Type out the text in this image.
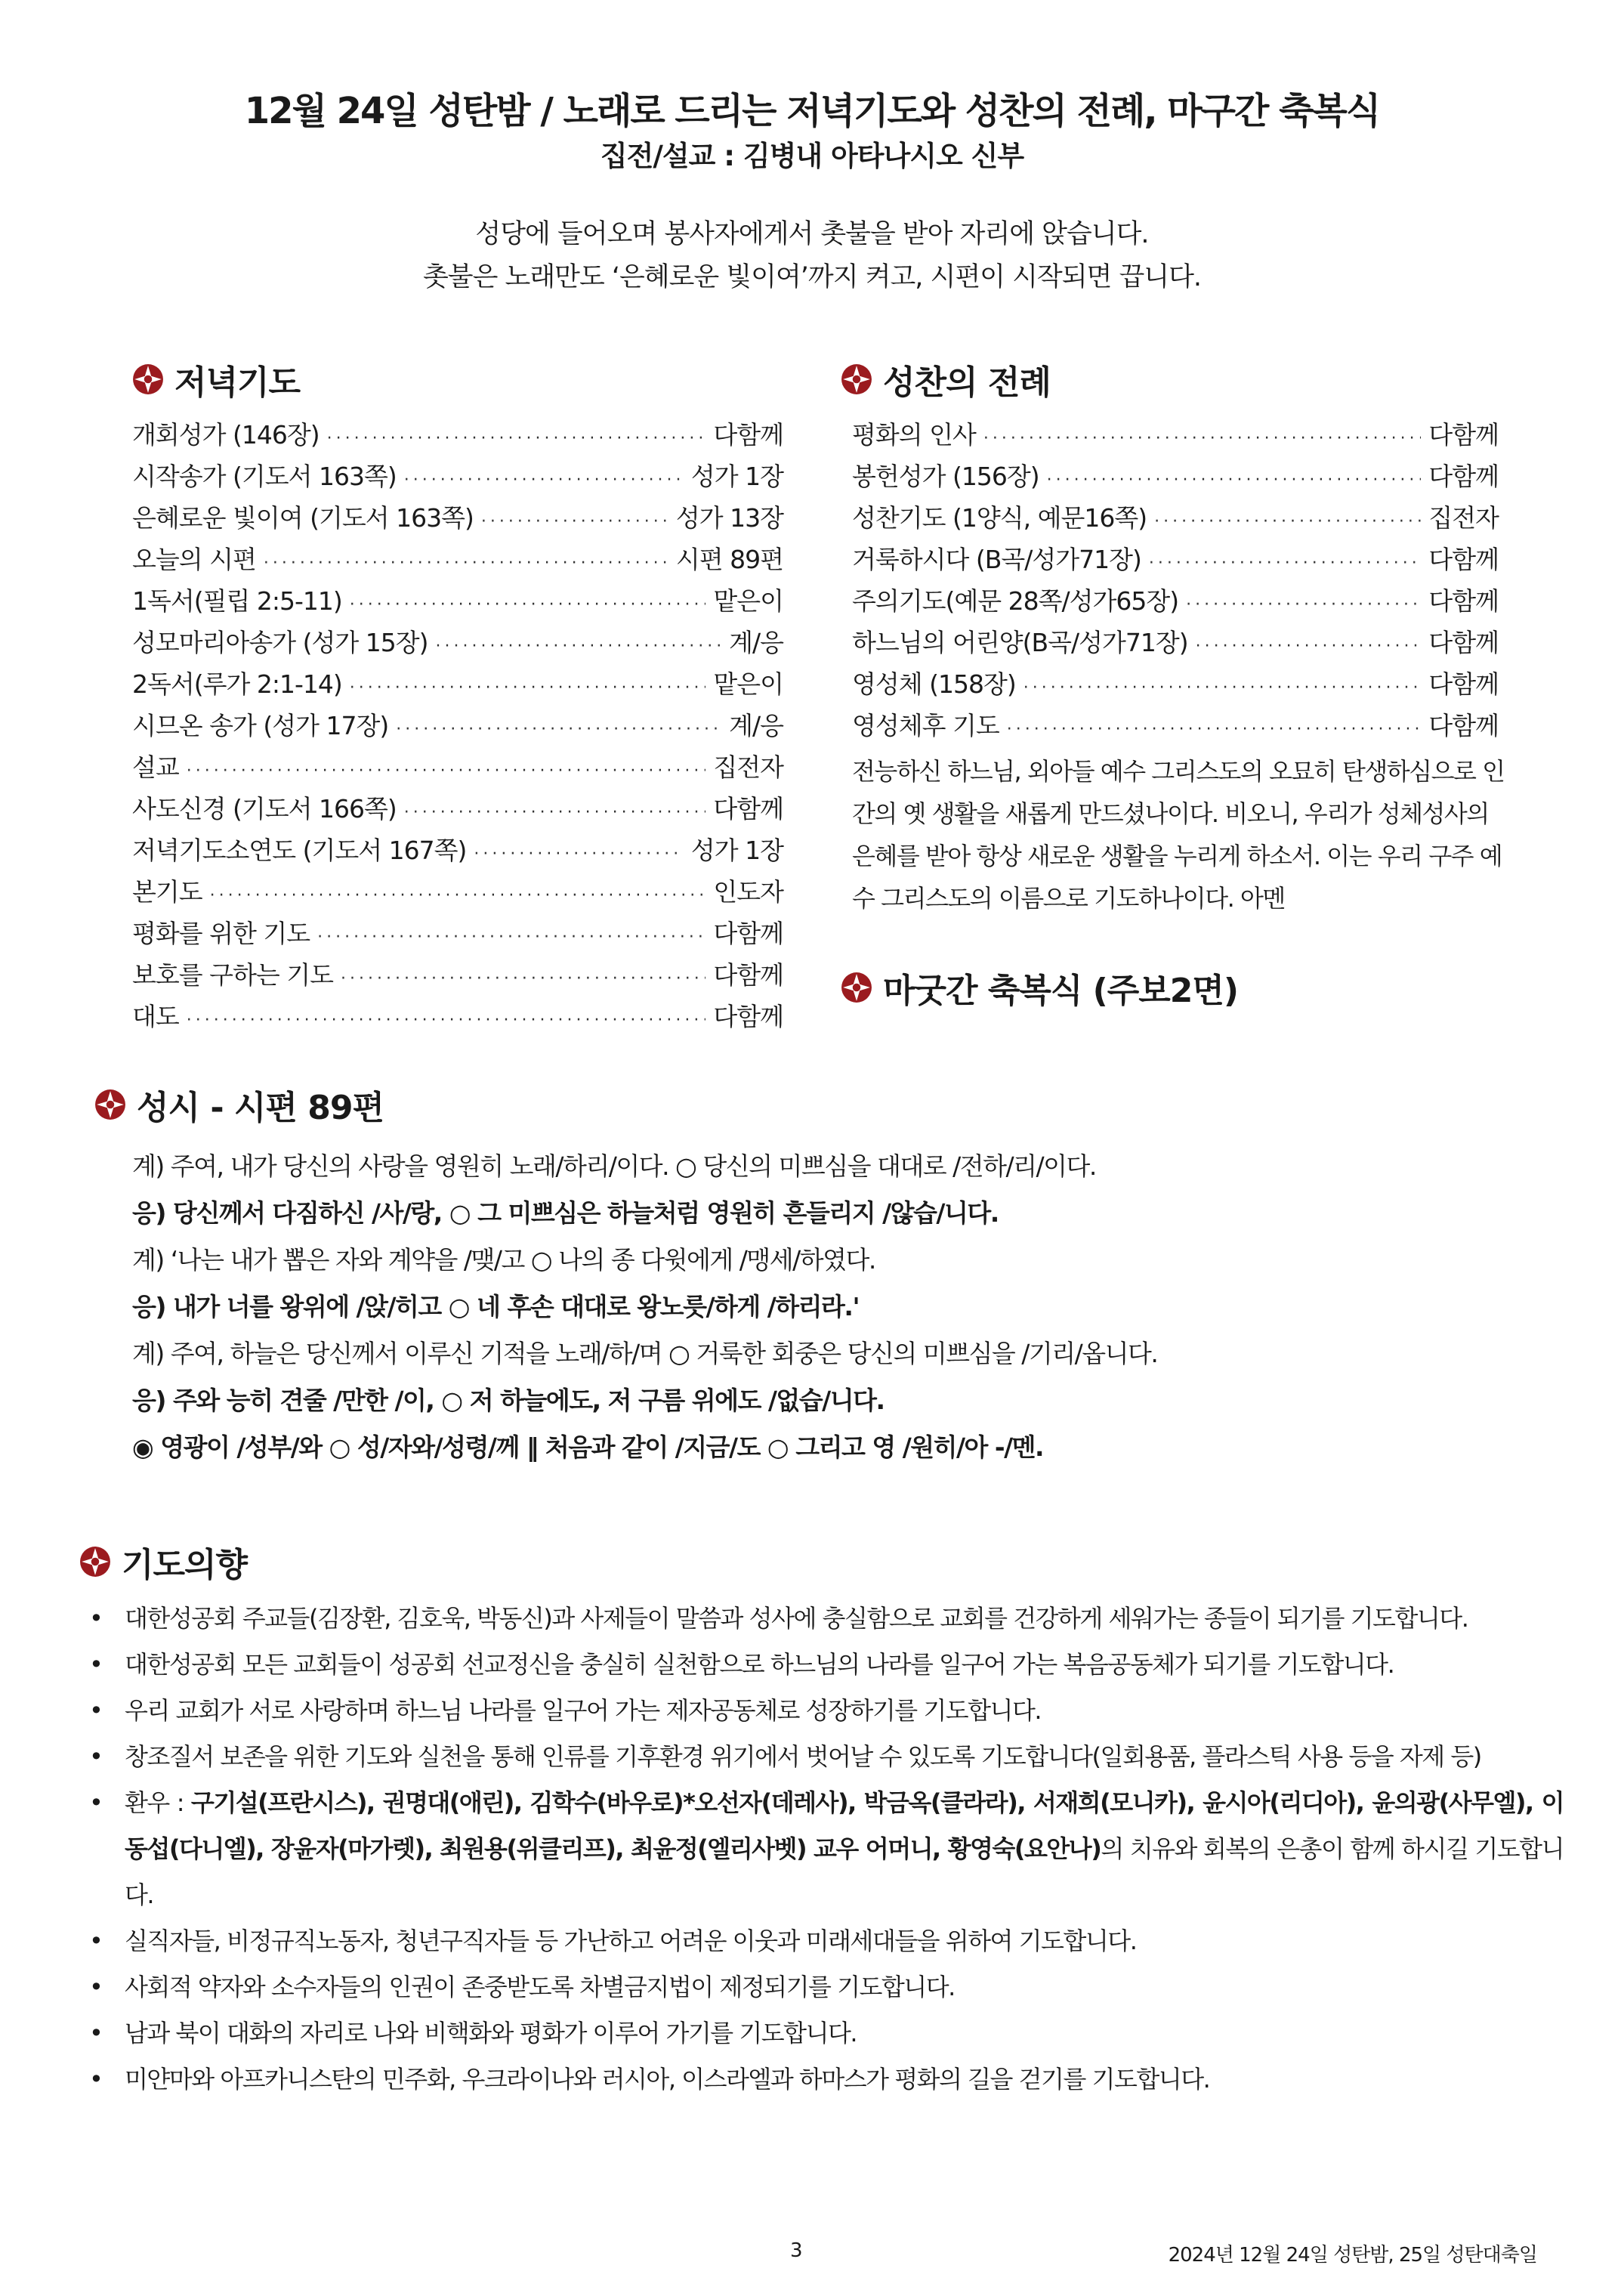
12월 24일 성탄밤 / 노래로 드리는 저녁기도와 성찬의 전례, 마구간 축복식
집전/설교 : 김병내 아타나시오 신부
성당에 들어오며 봉사자에게서 촛불을 받아 자리에 앉습니다.
촛불은 노래만도 ‘은혜로운 빛이여’까지 켜고, 시편이 시작되면 끕니다.
저녁기도
개회성가 (146장) ·····	다함께
시작송가 (기도서 163쪽) ·····	성가 1장
은혜로운 빛이여 (기도서 163쪽) ·····	성가 13장
오늘의 시편 ·····	시편 89편
1독서(필립 2:5-11) ·····	맡은이
성모마리아송가 (성가 15장) ·····	계/응
2독서(루가 2:1-14) ·····	맡은이
시므온 송가 (성가 17장) ·····	계/응
설교 ·····	집전자
사도신경 (기도서 166쪽) ·····	다함께
저녁기도소연도 (기도서 167쪽) ·····	성가 1장
본기도 ·····	인도자
평화를 위한 기도 ·····	다함께
보호를 구하는 기도 ·····	다함께
대도 ·····	다함께
성찬의 전례
평화의 인사 ·····	다함께
봉헌성가 (156장) ·····	다함께
성찬기도 (1양식, 예문16쪽) ·····	집전자
거룩하시다 (B곡/성가71장) ·····	다함께
주의기도(예문 28쪽/성가65장) ·····	다함께
하느님의 어린양(B곡/성가71장) ·····	다함께
영성체 (158장) ·····	다함께
영성체후 기도 ·····	다함께
전능하신 하느님, 외아들 예수 그리스도의 오묘히 탄생하심으로 인간의 옛 생활을 새롭게 만드셨나이다. 비오니, 우리가 성체성사의 은혜를 받아 항상 새로운 생활을 누리게 하소서. 이는 우리 구주 예수 그리스도의 이름으로 기도하나이다. 아멘
마굿간 축복식 (주보2면)
성시 - 시편 89편
계) 주여, 내가 당신의 사랑을 영원히 노래/하리/이다. ○ 당신의 미쁘심을 대대로 /전하/리/이다.
응) 당신께서 다짐하신 /사/랑, ○ 그 미쁘심은 하늘처럼 영원히 흔들리지 /않습/니다.
계) ‘나는 내가 뽑은 자와 계약을 /맺/고 ○ 나의 종 다윗에게 /맹세/하였다.
응) 내가 너를 왕위에 /앉/히고 ○ 네 후손 대대로 왕노릇/하게 /하리라.'
계) 주여, 하늘은 당신께서 이루신 기적을 노래/하/며 ○ 거룩한 회중은 당신의 미쁘심을 /기리/옵니다.
응) 주와 능히 견줄 /만한 /이, ○ 저 하늘에도, 저 구름 위에도 /없습/니다.
◉ 영광이 /성부/와 ○ 성/자와/성령/께 ‖ 처음과 같이 /지금/도 ○ 그리고 영 /원히/아 -/멘.
기도의향
• 대한성공회 주교들(김장환, 김호욱, 박동신)과 사제들이 말씀과 성사에 충실함으로 교회를 건강하게 세워가는 종들이 되기를 기도합니다.
• 대한성공회 모든 교회들이 성공회 선교정신을 충실히 실천함으로 하느님의 나라를 일구어 가는 복음공동체가 되기를 기도합니다.
• 우리 교회가 서로 사랑하며 하느님 나라를 일구어 가는 제자공동체로 성장하기를 기도합니다.
• 창조질서 보존을 위한 기도와 실천을 통해 인류를 기후환경 위기에서 벗어날 수 있도록 기도합니다(일회용품, 플라스틱 사용 등을 자제 등)
• 환우 : 구기설(프란시스), 권명대(애린), 김학수(바우로)*오선자(데레사), 박금옥(클라라), 서재희(모니카), 윤시아(리디아), 윤의광(사무엘), 이동섭(다니엘), 장윤자(마가렛), 최원용(위클리프), 최윤정(엘리사벳) 교우 어머니, 황영숙(요안나)의 치유와 회복의 은총이 함께 하시길 기도합니다.
• 실직자들, 비정규직노동자, 청년구직자들 등 가난하고 어려운 이웃과 미래세대들을 위하여 기도합니다.
• 사회적 약자와 소수자들의 인권이 존중받도록 차별금지법이 제정되기를 기도합니다.
• 남과 북이 대화의 자리로 나와 비핵화와 평화가 이루어 가기를 기도합니다.
• 미얀마와 아프카니스탄의 민주화, 우크라이나와 러시아, 이스라엘과 하마스가 평화의 길을 걷기를 기도합니다.
3	2024년 12월 24일 성탄밤, 25일 성탄대축일
